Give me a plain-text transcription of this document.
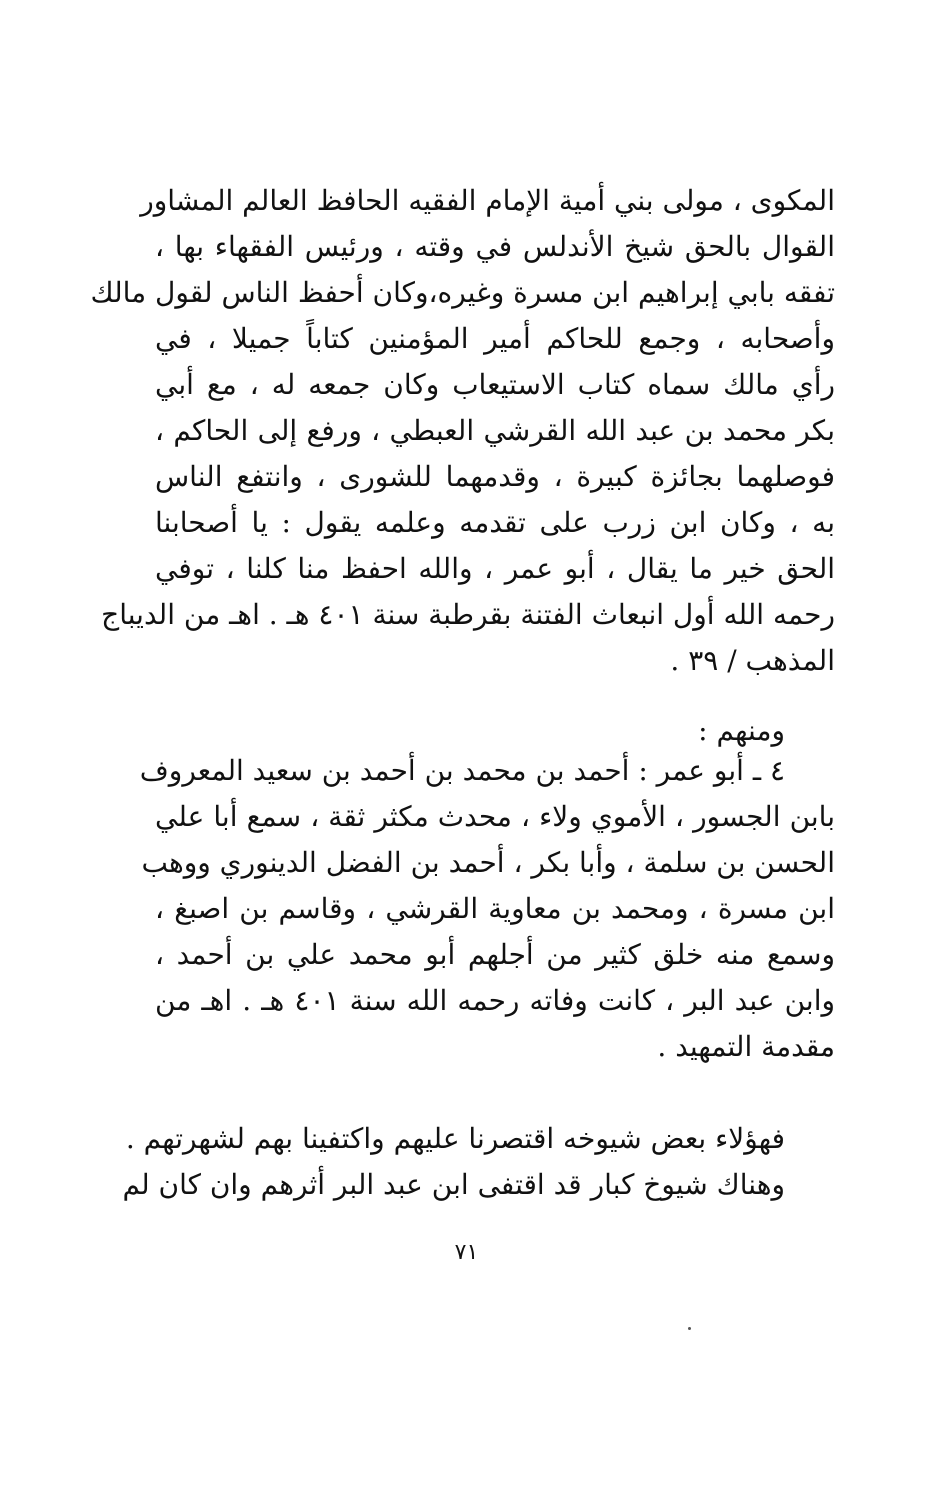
المكوى ، مولى بني أمية الإمام الفقيه الحافظ العالم المشاور
القوال بالحق شيخ الأندلس في وقته ، ورئيس الفقهاء بها ،
تفقه بابي إبراهيم ابن مسرة وغيره،وكان أحفظ الناس لقول مالك
وأصحابه ، وجمع للحاكم أمير المؤمنين كتاباً جميلا ، في
رأي مالك سماه كتاب الاستيعاب وكان جمعه له ، مع أبي
بكر محمد بن عبد الله القرشي العبطي ، ورفع إلى الحاكم ،
فوصلهما بجائزة كبيرة ، وقدمهما للشورى ، وانتفع الناس
به ، وكان ابن زرب على تقدمه وعلمه يقول : يا أصحابنا
الحق خير ما يقال ، أبو عمر ، والله احفظ منا كلنا ، توفي
رحمه الله أول انبعاث الفتنة بقرطبة سنة ٤٠١ هـ . اهـ من الديباج
المذهب / ٣٩ .
ومنهم :
٤ ـ أبو عمر : أحمد بن محمد بن أحمد بن سعيد المعروف
بابن الجسور ، الأموي ولاء ، محدث مكثر ثقة ، سمع أبا علي
الحسن بن سلمة ، وأبا بكر ، أحمد بن الفضل الدينوري ووهب
ابن مسرة ، ومحمد بن معاوية القرشي ، وقاسم بن اصبغ ،
وسمع منه خلق كثير من أجلهم أبو محمد علي بن أحمد ،
وابن عبد البر ، كانت وفاته رحمه الله سنة ٤٠١ هـ . اهـ من
مقدمة التمهيد .
فهؤلاء بعض شيوخه اقتصرنا عليهم واكتفينا بهم لشهرتهم .
وهناك شيوخ كبار قد اقتفى ابن عبد البر أثرهم وان كان لم
٧١
